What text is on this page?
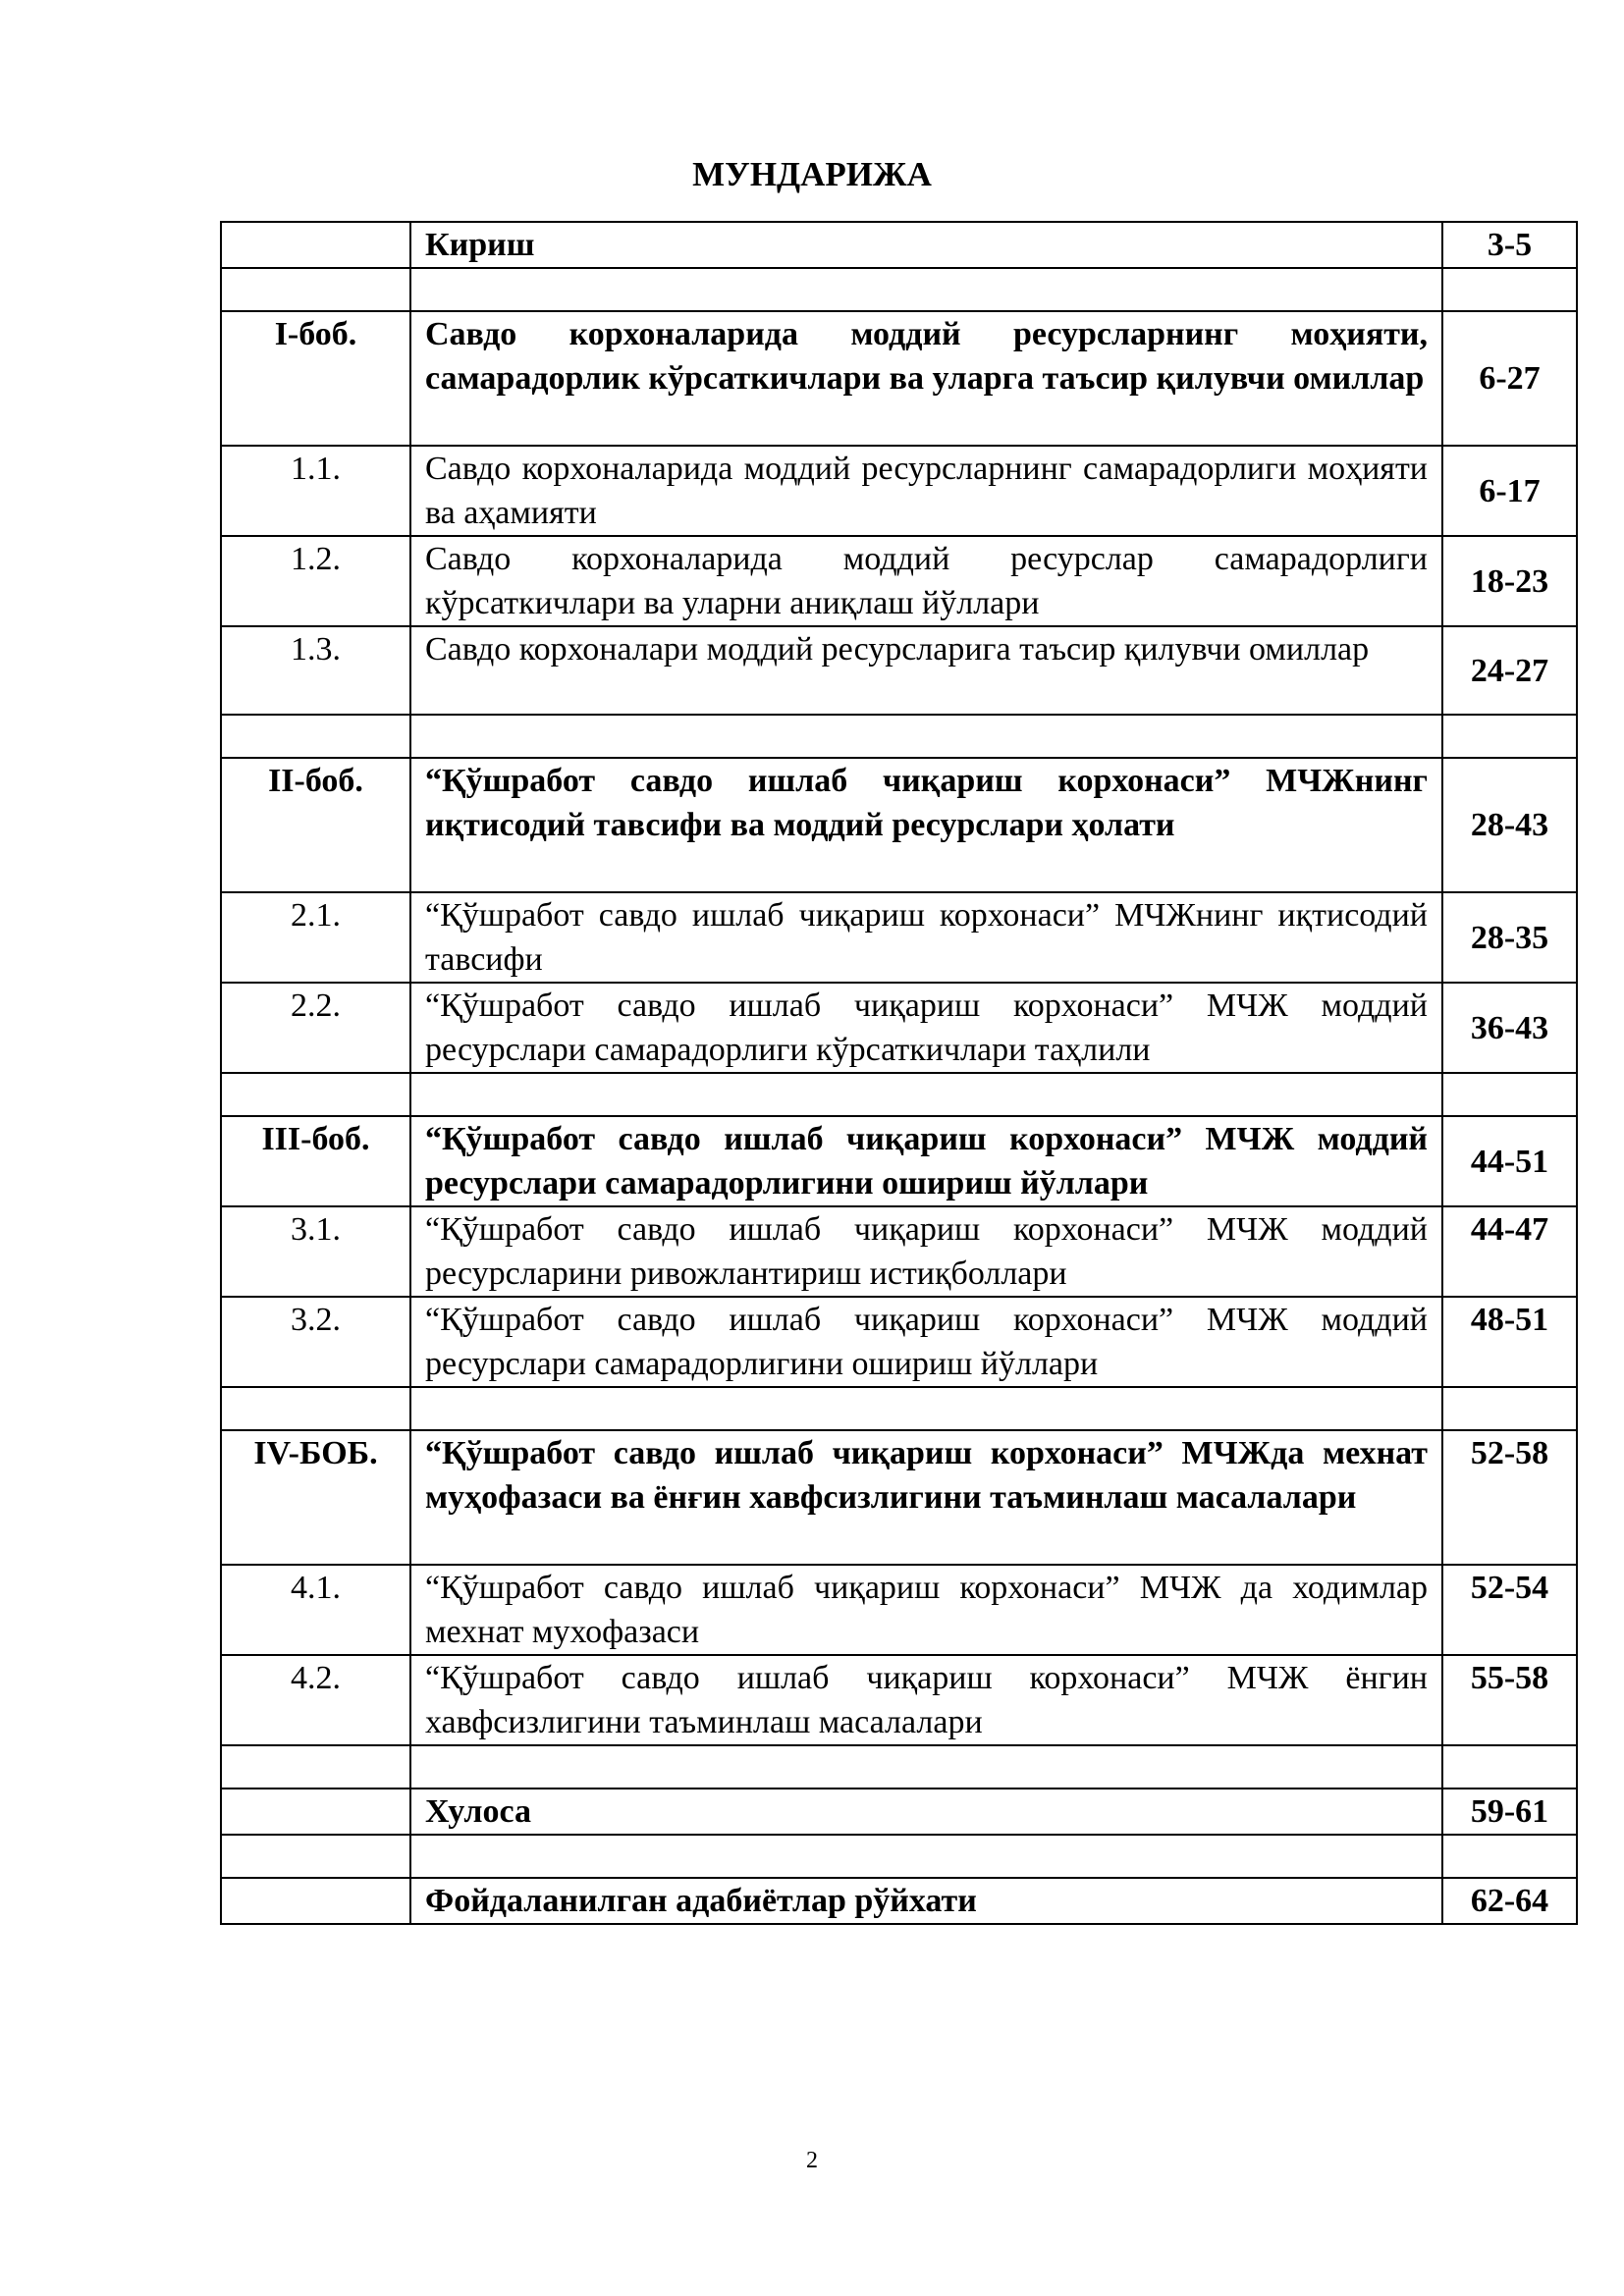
МУНДАРИЖА
	Кириш	3-5

I-боб.	Савдо корхоналарида моддий ресурсларнинг моҳияти, самарадорлик кўрсаткичлари ва уларга таъсир қилувчи омиллар	6-27
1.1.	Савдо корхоналарида моддий ресурсларнинг самарадорлиги моҳияти ва аҳамияти	6-17
1.2.	Савдо корхоналарида моддий ресурслар самарадорлиги кўрсаткичлари ва уларни аниқлаш йўллари	18-23
1.3.	Савдо корхоналари моддий ресурсларига таъсир қилувчи омиллар	24-27

II-боб.	“Қўшработ савдо ишлаб чиқариш корхонаси” МЧЖнинг иқтисодий тавсифи ва моддий ресурслари ҳолати	28-43
2.1.	“Қўшработ савдо ишлаб чиқариш корхонаси” МЧЖнинг иқтисодий тавсифи	28-35
2.2.	“Қўшработ савдо ишлаб чиқариш корхонаси” МЧЖ моддий ресурслари самарадорлиги кўрсаткичлари таҳлили	36-43

III-боб.	“Қўшработ савдо ишлаб чиқариш корхонаси” МЧЖ моддий ресурслари самарадорлигини ошириш йўллари	44-51
3.1.	“Қўшработ савдо ишлаб чиқариш корхонаси” МЧЖ моддий ресурсларини ривожлантириш истиқболлари	44-47
3.2.	“Қўшработ савдо ишлаб чиқариш корхонаси” МЧЖ моддий ресурслари самарадорлигини ошириш йўллари	48-51

IV-БОБ.	“Қўшработ савдо ишлаб чиқариш корхонаси” МЧЖда мехнат муҳофазаси ва ёнғин хавфсизлигини таъминлаш масалалари	52-58
4.1.	“Қўшработ савдо ишлаб чиқариш корхонаси” МЧЖ да ходимлар мехнат мухофазаси	52-54
4.2.	“Қўшработ савдо ишлаб чиқариш корхонаси” МЧЖ ёнгин хавфсизлигини таъминлаш масалалари	55-58

	Хулоса	59-61

	Фойдаланилган адабиётлар рўйхати	62-64
2
